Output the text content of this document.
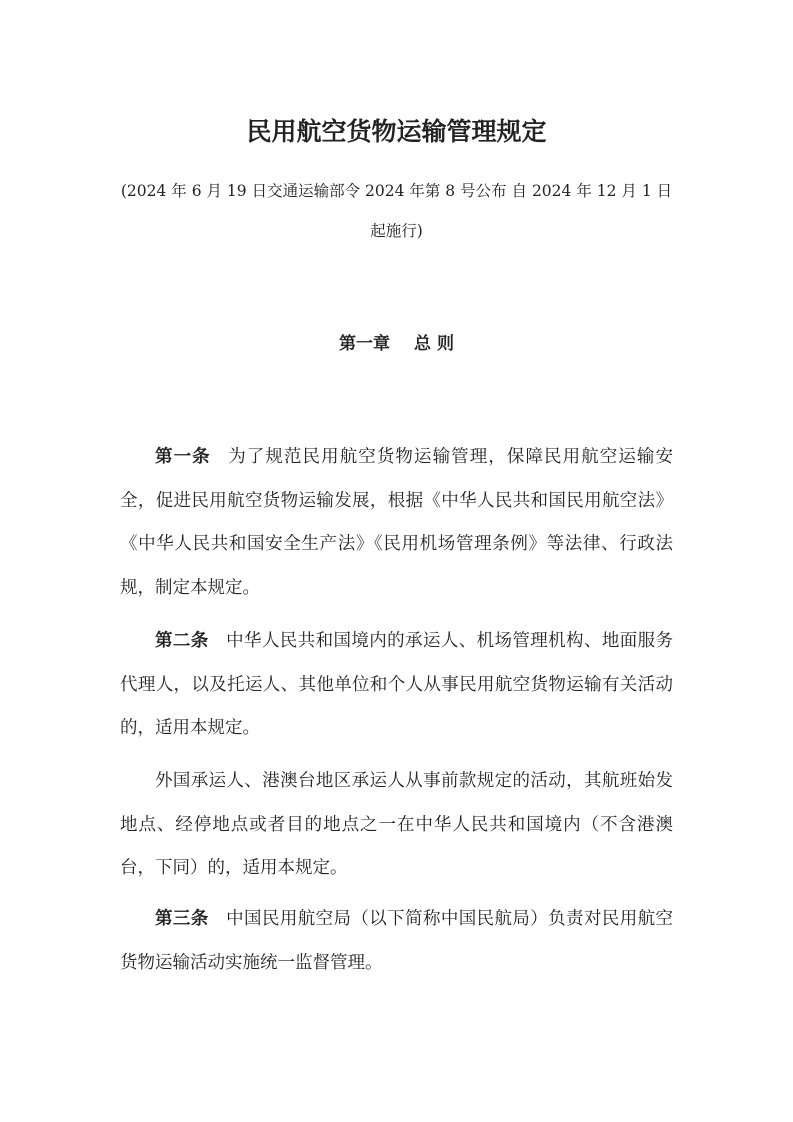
民用航空货物运输管理规定
(2024 年 6 月 19 日交通运输部令 2024 年第 8 号公布 自 2024 年 12 月 1 日起施行)
第一章 总 则
第一条 为了规范民用航空货物运输管理，保障民用航空运输安全，促进民用航空货物运输发展，根据《中华人民共和国民用航空法》《中华人民共和国安全生产法》《民用机场管理条例》等法律、行政法规，制定本规定。
第二条 中华人民共和国境内的承运人、机场管理机构、地面服务代理人，以及托运人、其他单位和个人从事民用航空货物运输有关活动的，适用本规定。
外国承运人、港澳台地区承运人从事前款规定的活动，其航班始发地点、经停地点或者目的地点之一在中华人民共和国境内（不含港澳台，下同）的，适用本规定。
第三条 中国民用航空局（以下简称中国民航局）负责对民用航空货物运输活动实施统一监督管理。
